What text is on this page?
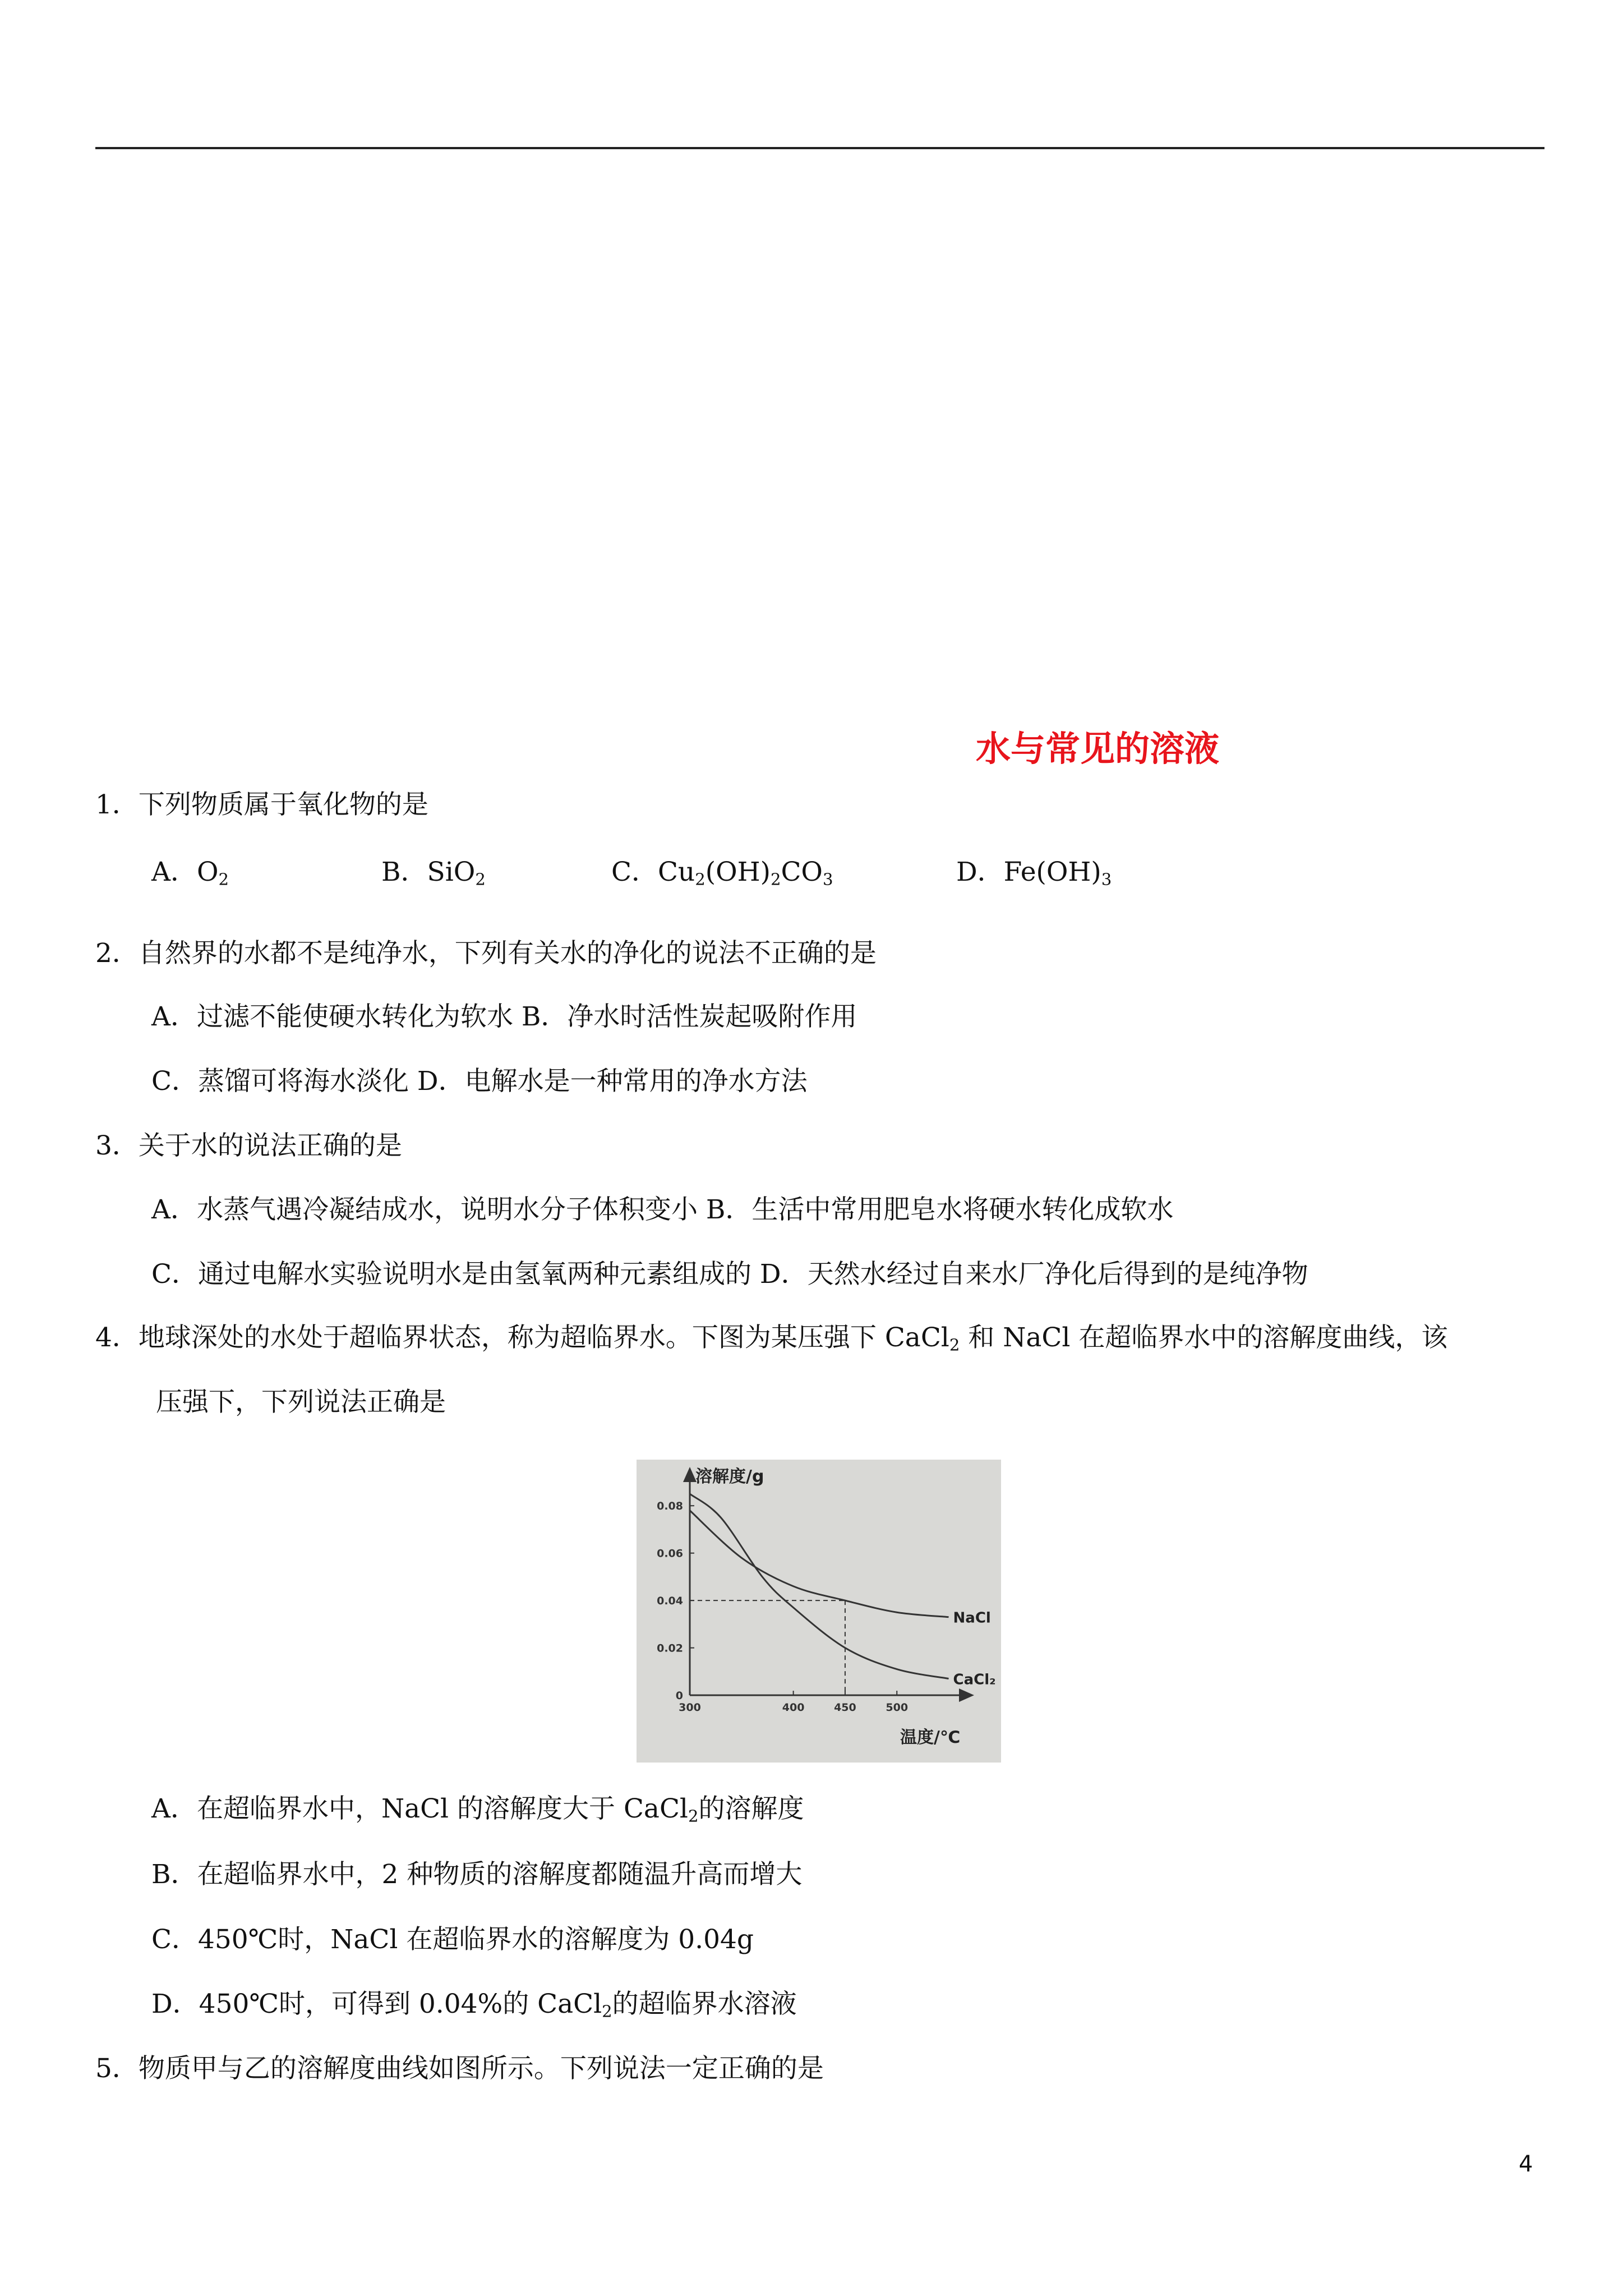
水与常见的溶液
1．下列物质属于氧化物的是
A．$O_2$	B．SiO$_2$	C．$Cu_2(OH)_2CO_3$	D．$Fe(OH)_3$
2．自然界的水都不是纯净水，下列有关水的净化的说法不正确的是
A．过滤不能使硬水转化为软水 B．净水时活性炭起吸附作用
C．蒸馏可将海水淡化 D．电解水是一种常用的净水方法
3．关于水的说法正确的是
A．水蒸气遇冷凝结成水，说明水分子体积变小 B．生活中常用肥皂水将硬水转化成软水
C．通过电解水实验说明水是由氢氧两种元素组成的 D．天然水经过自来水厂净化后得到的是纯净物
4．地球深处的水处于超临界状态，称为超临界水。下图为某压强下 CaCl$_2$ 和 NaCl 在超临界水中的溶解度曲线，该
压强下，下列说法正确是
溶解度/g
温度/℃
0
0.02
0.04
0.06
0.08
300	400	450	500
NaCl
CaCl₂
A．在超临界水中，NaCl 的溶解度大于 CaCl$_2$的溶解度
B．在超临界水中，2 种物质的溶解度都随温升高而增大
C．450℃时，NaCl 在超临界水的溶解度为 0.04g
D．450℃时，可得到 0.04%的 CaCl$_2$的超临界水溶液
5．物质甲与乙的溶解度曲线如图所示。下列说法一定正确的是
4
